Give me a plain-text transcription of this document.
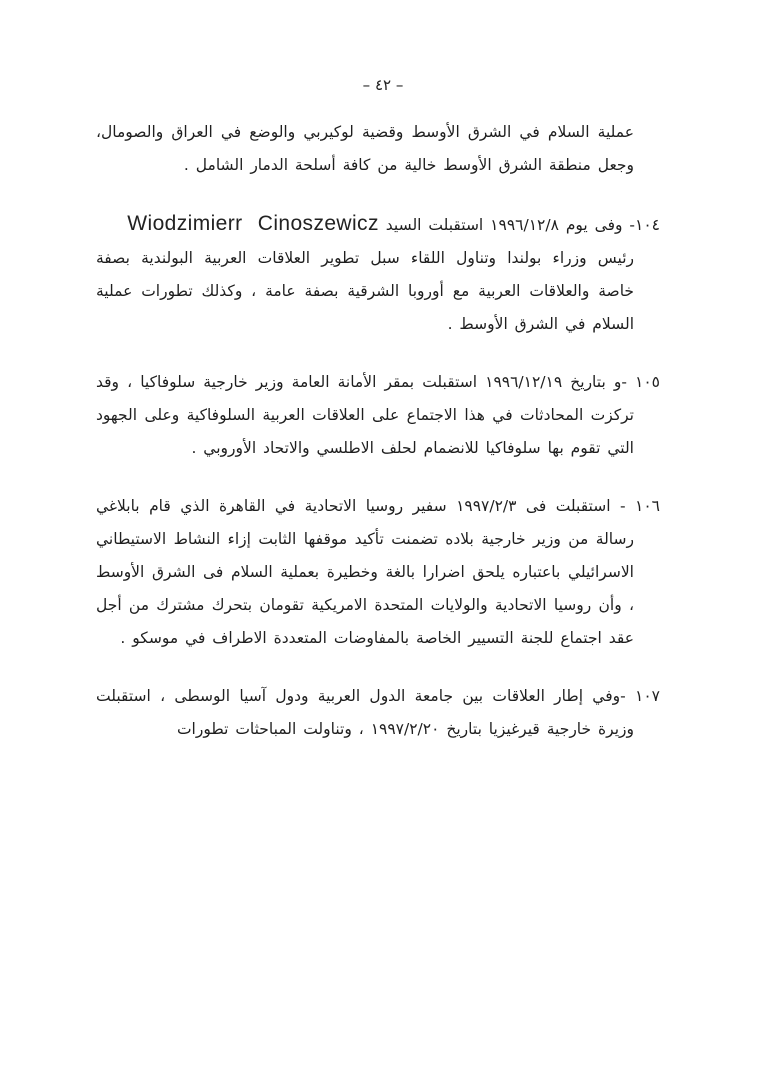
– ٤٢ –

عملية السلام في الشرق الأوسط وقضية لوكيربي والوضع في العراق والصومال، وجعل منطقة الشرق الأوسط خالية من كافة أسلحة الدمار الشامل .

١٠٤- وفى يوم ١٩٩٦/١٢/٨ استقبلت السيد Wiodzimierr Cinoszewicz
رئيس وزراء بولندا وتناول اللقاء سبل تطوير العلاقات العربية البولندية بصفة خاصة والعلاقات العربية مع أوروبا الشرقية بصفة عامة ، وكذلك تطورات عملية السلام في الشرق الأوسط .

١٠٥ -و بتاريخ ١٩٩٦/١٢/١٩ استقبلت بمقر الأمانة العامة وزير خارجية سلوفاكيا ، وقد تركزت المحادثات في هذا الاجتماع على العلاقات العربية السلوفاكية وعلى الجهود التي تقوم بها سلوفاكيا للانضمام لحلف الاطلسي والاتحاد الأوروبي .

١٠٦ - استقبلت فى ١٩٩٧/٢/٣ سفير روسيا الاتحادية في القاهرة الذي قام بابلاغي رسالة من وزير خارجية بلاده تضمنت تأكيد موقفها الثابت إزاء النشاط الاستيطاني الاسرائيلي باعتباره يلحق اضرارا بالغة وخطيرة بعملية السلام فى الشرق الأوسط ، وأن روسيا الاتحادية والولايات المتحدة الامريكية تقومان بتحرك مشترك من أجل عقد اجتماع للجنة التسيير الخاصة بالمفاوضات المتعددة الاطراف في موسكو .

١٠٧ -وفي إطار العلاقات بين جامعة الدول العربية ودول آسيا الوسطى ، استقبلت وزيرة خارجية قيرغيزيا بتاريخ ١٩٩٧/٢/٢٠ ، وتناولت المباحثات تطورات
